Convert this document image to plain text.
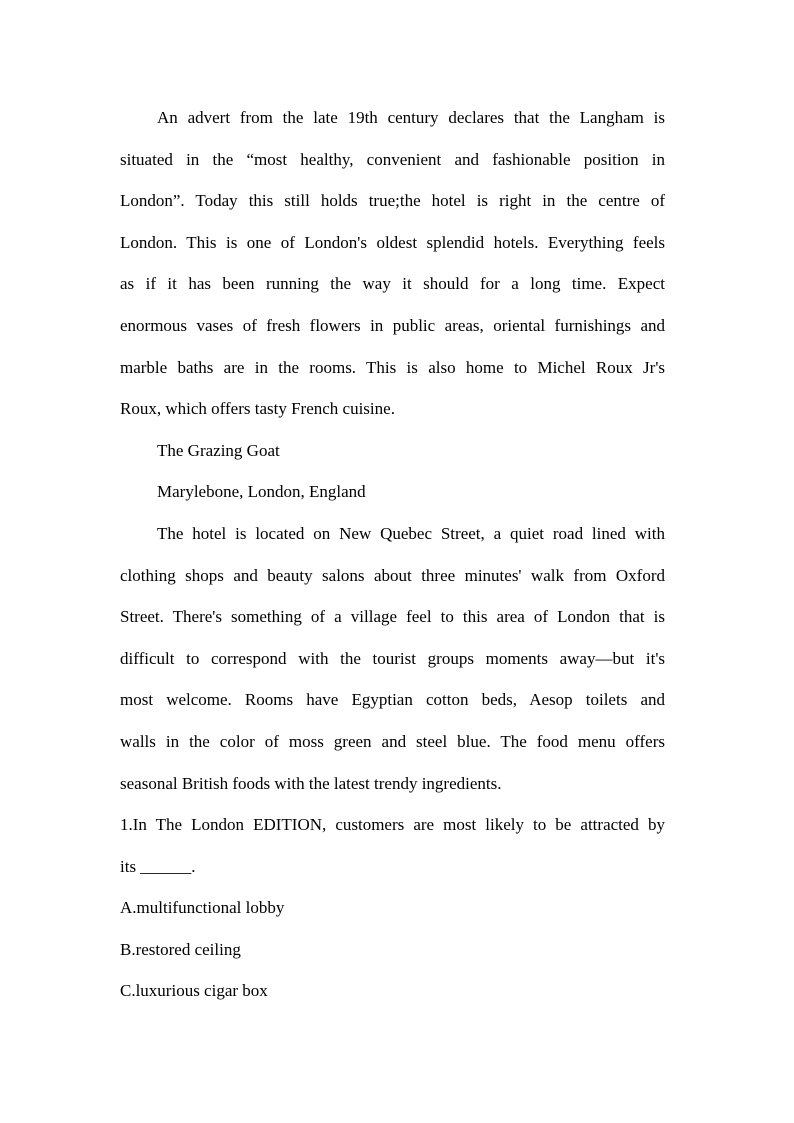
An advert from the late 19th century declares that the Langham is
situated in the “most healthy, convenient and fashionable position in
London”. Today this still holds true;the hotel is right in the centre of
London. This is one of London's oldest splendid hotels. Everything feels
as if it has been running the way it should for a long time. Expect
enormous vases of fresh flowers in public areas, oriental furnishings and
marble baths are in the rooms. This is also home to Michel Roux Jr's
Roux, which offers tasty French cuisine.
The Grazing Goat
Marylebone, London, England
The hotel is located on New Quebec Street, a quiet road lined with
clothing shops and beauty salons about three minutes' walk from Oxford
Street. There's something of a village feel to this area of London that is
difficult to correspond with the tourist groups moments away—but it's
most welcome. Rooms have Egyptian cotton beds, Aesop toilets and
walls in the color of moss green and steel blue. The food menu offers
seasonal British foods with the latest trendy ingredients.
1.In The London EDITION, customers are most likely to be attracted by
its ______.
A.multifunctional lobby
B.restored ceiling
C.luxurious cigar box
